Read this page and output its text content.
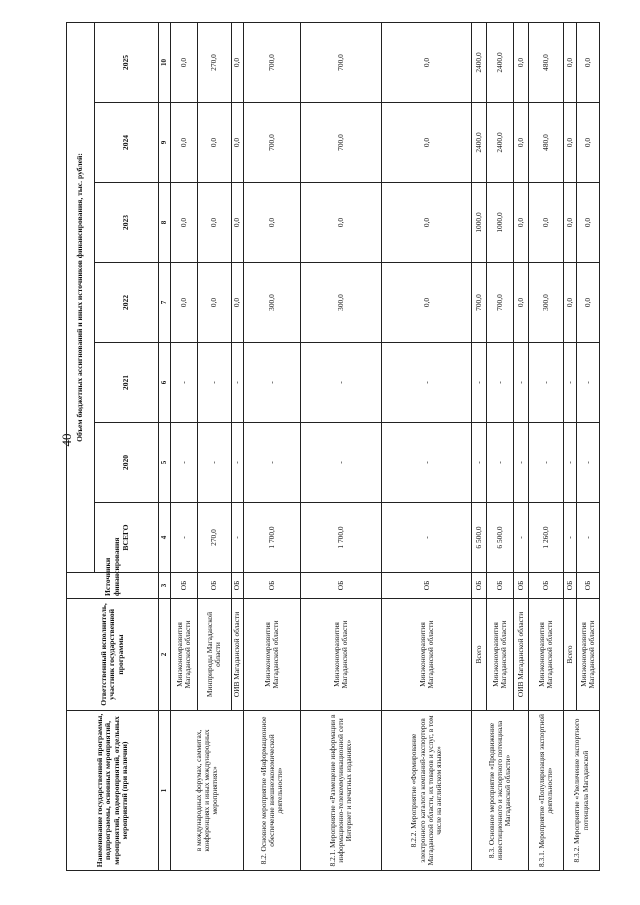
40
Наименование государственной программы, подпрограммы, основных мероприятий, мероприятий, подмероприятий, отдельных мероприятий (при наличии)	Ответственный исполнитель, участник государственной программы	Источники финансирования	Объем бюджетных ассигнований и иных источников финансирования, тыс. рублей:						
			ВСЕГО	2020	2021	2022	2023	2024	2025
1	2	3	4	5	6	7	8	9	10
в международных форумах, саммитах, конференциях и иных международных мероприятиях»	Минэкономразвития Магаданской области	ОБ	-	-	-	0,0	0,0	0,0	0,0
	Минприроды Магаданской области	ОБ	270,0	-	-	0,0	0,0	0,0	270,0
	ОИВ Магаданской области	ОБ	-	-	-	0,0	0,0	0,0	0,0
8.2. Основное мероприятие «Информационное обеспечение внешнеэкономической деятельности»	Минэкономразвития Магаданской области	ОБ	1 700,0	-	-	300,0	0,0	700,0	700,0
8.2.1. Мероприятие «Размещение информации в информационно-телекоммуникационной сети Интернет и печатных изданиях»	Минэкономразвития Магаданской области	ОБ	1 700,0	-	-	300,0	0,0	700,0	700,0
8.2.2. Мероприятие «Формирование электронного каталога компаний-экспортеров Магаданской области, их товаров и услуг, в том числе на английском языке»	Минэкономразвития Магаданской области	ОБ	-	-	-	0,0	0,0	0,0	0,0
8.3. Основное мероприятие «Продвижение инвестиционного и экспортного потенциала Магаданской области»	Всего	ОБ	6 500,0	-	-	700,0	1000,0	2400,0	2400,0
	Минэкономразвития Магаданской области	ОБ	6 500,0	-	-	700,0	1000,0	2400,0	2400,0
	ОИВ Магаданской области	ОБ	-	-	-	0,0	0,0	0,0	0,0
8.3.1. Мероприятие «Популяризация экспортной деятельности»	Минэкономразвития Магаданской области	ОБ	1 260,0	-	-	300,0	0,0	480,0	480,0
8.3.2. Мероприятие «Увеличение экспортного потенциала Магаданской	Всего	ОБ	-	-	-	0,0	0,0	0,0	0,0
	Минэкономразвития Магаданской области	ОБ	-	-	-	0,0	0,0	0,0	0,0
